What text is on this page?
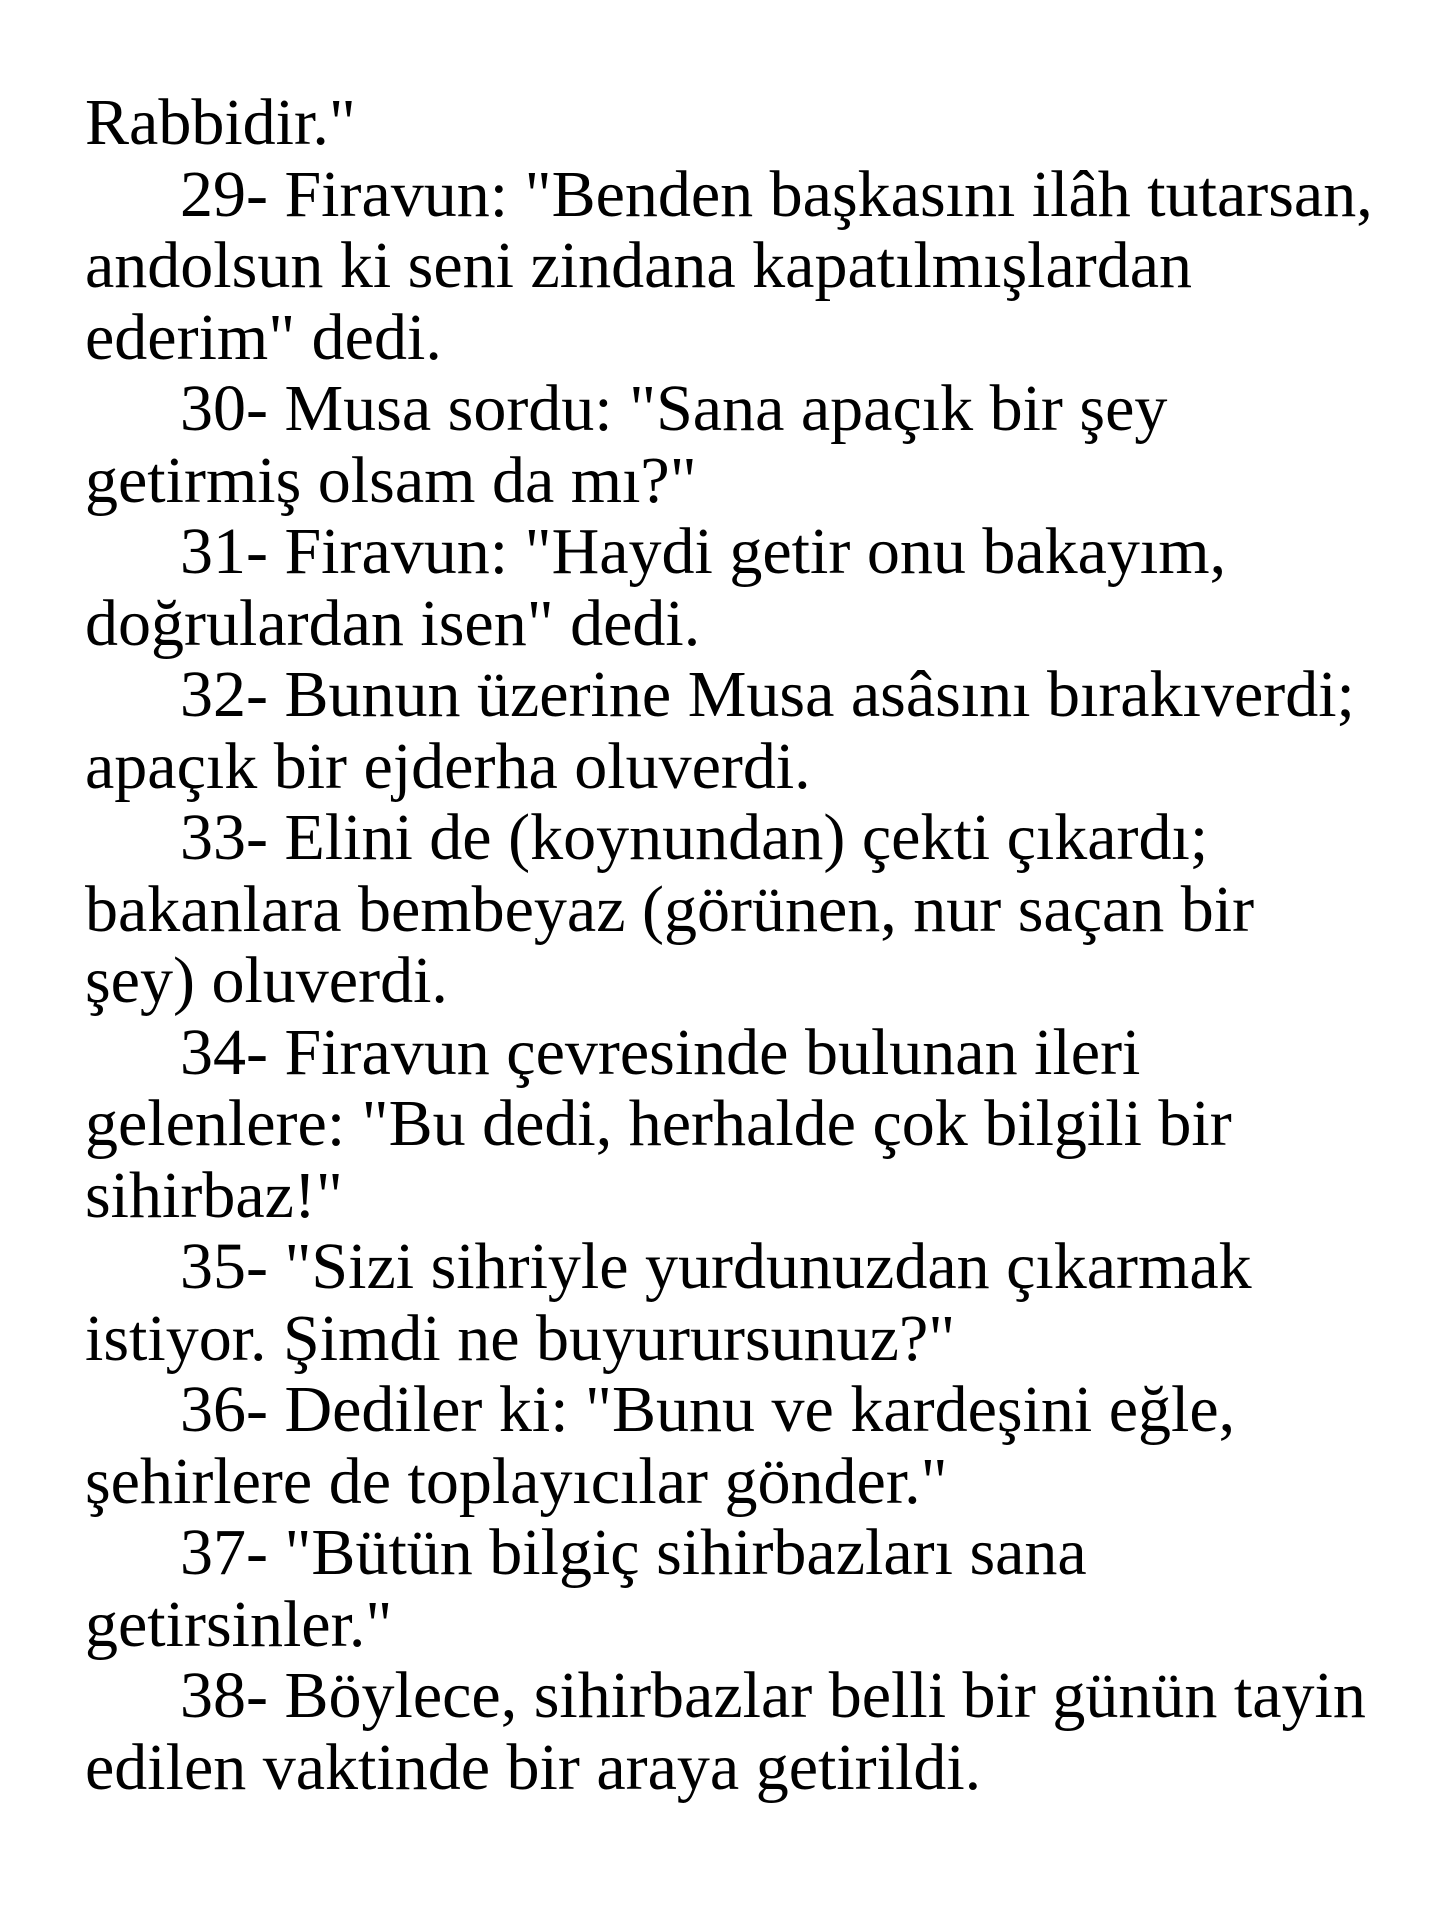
Rabbidir."
29- Firavun: "Benden başkasını ilâh tutarsan,
andolsun ki seni zindana kapatılmışlardan
ederim" dedi.
30- Musa sordu: "Sana apaçık bir şey
getirmiş olsam da mı?"
31- Firavun: "Haydi getir onu bakayım,
doğrulardan isen" dedi.
32- Bunun üzerine Musa asâsını bırakıverdi;
apaçık bir ejderha oluverdi.
33- Elini de (koynundan) çekti çıkardı;
bakanlara bembeyaz (görünen, nur saçan bir
şey) oluverdi.
34- Firavun çevresinde bulunan ileri
gelenlere: "Bu dedi, herhalde çok bilgili bir
sihirbaz!"
35- "Sizi sihriyle yurdunuzdan çıkarmak
istiyor. Şimdi ne buyurursunuz?"
36- Dediler ki: "Bunu ve kardeşini eğle,
şehirlere de toplayıcılar gönder."
37- "Bütün bilgiç sihirbazları sana
getirsinler."
38- Böylece, sihirbazlar belli bir günün tayin
edilen vaktinde bir araya getirildi.
